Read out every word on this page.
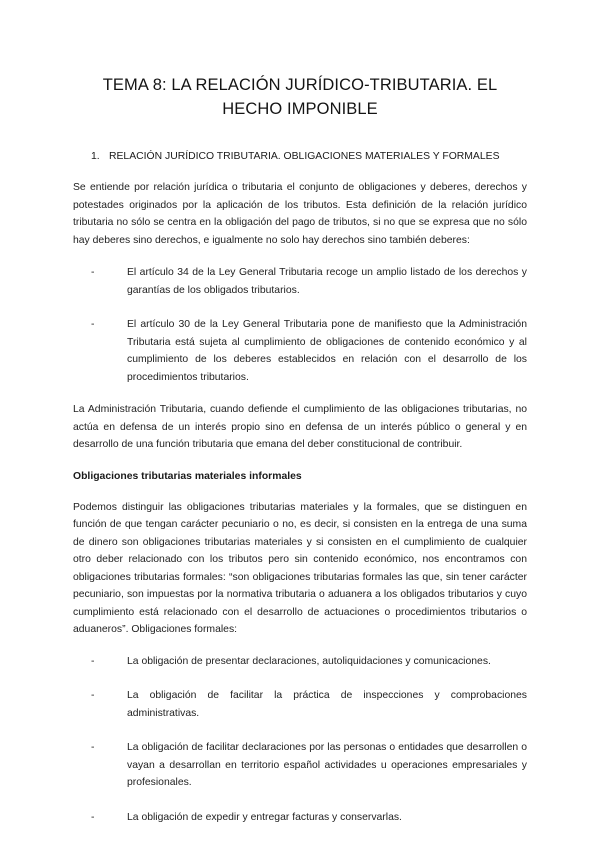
TEMA 8: LA RELACIÓN JURÍDICO-TRIBUTARIA. EL HECHO IMPONIBLE
1. RELACIÓN JURÍDICO TRIBUTARIA. OBLIGACIONES MATERIALES Y FORMALES

Se entiende por relación jurídica o tributaria el conjunto de obligaciones y deberes, derechos y potestades originados por la aplicación de los tributos. Esta definición de la relación jurídico tributaria no sólo se centra en la obligación del pago de tributos, si no que se expresa que no sólo hay deberes sino derechos, e igualmente no solo hay derechos sino también deberes:

-	El artículo 34 de la Ley General Tributaria recoge un amplio listado de los derechos y garantías de los obligados tributarios.
-	El artículo 30 de la Ley General Tributaria pone de manifiesto que la Administración Tributaria está sujeta al cumplimiento de obligaciones de contenido económico y al cumplimiento de los deberes establecidos en relación con el desarrollo de los procedimientos tributarios.

La Administración Tributaria, cuando defiende el cumplimiento de las obligaciones tributarias, no actúa en defensa de un interés propio sino en defensa de un interés público o general y en desarrollo de una función tributaria que emana del deber constitucional de contribuir.

Obligaciones tributarias materiales informales

Podemos distinguir las obligaciones tributarias materiales y la formales, que se distinguen en función de que tengan carácter pecuniario o no, es decir, si consisten en la entrega de una suma de dinero son obligaciones tributarias materiales y si consisten en el cumplimiento de cualquier otro deber relacionado con los tributos pero sin contenido económico, nos encontramos con obligaciones tributarias formales: “son obligaciones tributarias formales las que, sin tener carácter pecuniario, son impuestas por la normativa tributaria o aduanera a los obligados tributarios y cuyo cumplimiento está relacionado con el desarrollo de actuaciones o procedimientos tributarios o aduaneros”. Obligaciones formales:

-	La obligación de presentar declaraciones, autoliquidaciones y comunicaciones.
-	La obligación de facilitar la práctica de inspecciones y comprobaciones administrativas.
-	La obligación de facilitar declaraciones por las personas o entidades que desarrollen o vayan a desarrollan en territorio español actividades u operaciones empresariales y profesionales.
-	La obligación de expedir y entregar facturas y conservarlas.
